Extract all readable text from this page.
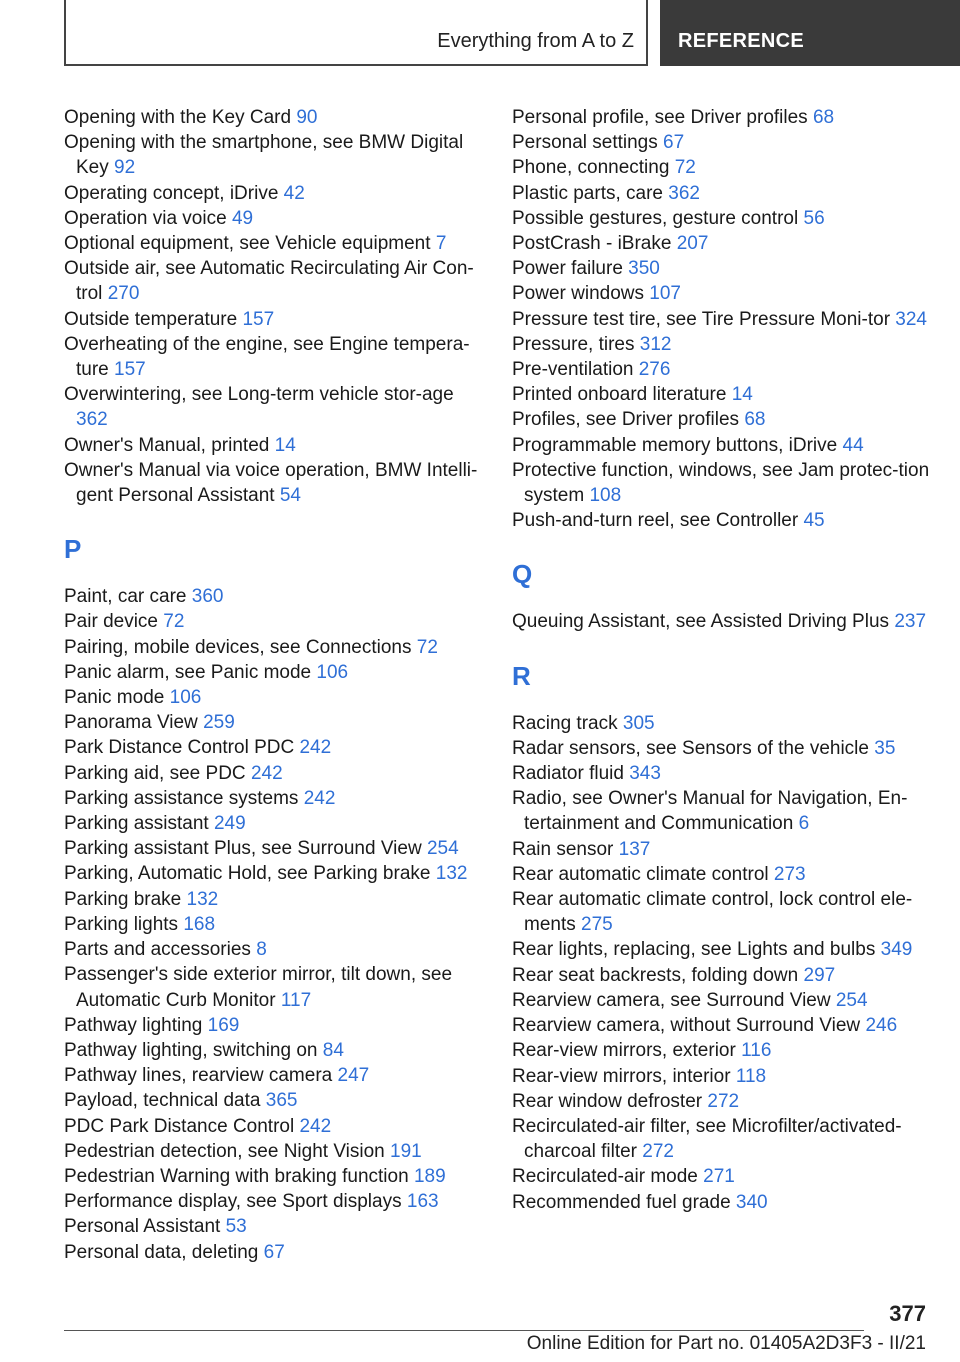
Everything from A to Z REFERENCE
Opening with the Key Card 90
Opening with the smartphone, see BMW Digital Key 92
Operating concept, iDrive 42
Operation via voice 49
Optional equipment, see Vehicle equipment 7
Outside air, see Automatic Recirculating Air Con-trol 270
Outside temperature 157
Overheating of the engine, see Engine tempera-ture 157
Overwintering, see Long-term vehicle stor-age 362
Owner's Manual, printed 14
Owner's Manual via voice operation, BMW Intelli-gent Personal Assistant 54
P
Paint, car care 360
Pair device 72
Pairing, mobile devices, see Connections 72
Panic alarm, see Panic mode 106
Panic mode 106
Panorama View 259
Park Distance Control PDC 242
Parking aid, see PDC 242
Parking assistance systems 242
Parking assistant 249
Parking assistant Plus, see Surround View 254
Parking, Automatic Hold, see Parking brake 132
Parking brake 132
Parking lights 168
Parts and accessories 8
Passenger's side exterior mirror, tilt down, see Automatic Curb Monitor 117
Pathway lighting 169
Pathway lighting, switching on 84
Pathway lines, rearview camera 247
Payload, technical data 365
PDC Park Distance Control 242
Pedestrian detection, see Night Vision 191
Pedestrian Warning with braking function 189
Performance display, see Sport displays 163
Personal Assistant 53
Personal data, deleting 67
Personal profile, see Driver profiles 68
Personal settings 67
Phone, connecting 72
Plastic parts, care 362
Possible gestures, gesture control 56
PostCrash - iBrake 207
Power failure 350
Power windows 107
Pressure test tire, see Tire Pressure Moni-tor 324
Pressure, tires 312
Pre-ventilation 276
Printed onboard literature 14
Profiles, see Driver profiles 68
Programmable memory buttons, iDrive 44
Protective function, windows, see Jam protec-tion system 108
Push-and-turn reel, see Controller 45
Q
Queuing Assistant, see Assisted Driving Plus 237
R
Racing track 305
Radar sensors, see Sensors of the vehicle 35
Radiator fluid 343
Radio, see Owner's Manual for Navigation, En-tertainment and Communication 6
Rain sensor 137
Rear automatic climate control 273
Rear automatic climate control, lock control ele-ments 275
Rear lights, replacing, see Lights and bulbs 349
Rear seat backrests, folding down 297
Rearview camera, see Surround View 254
Rearview camera, without Surround View 246
Rear-view mirrors, exterior 116
Rear-view mirrors, interior 118
Rear window defroster 272
Recirculated-air filter, see Microfilter/activated-charcoal filter 272
Recirculated-air mode 271
Recommended fuel grade 340
377
Online Edition for Part no. 01405A2D3F3 - II/21
